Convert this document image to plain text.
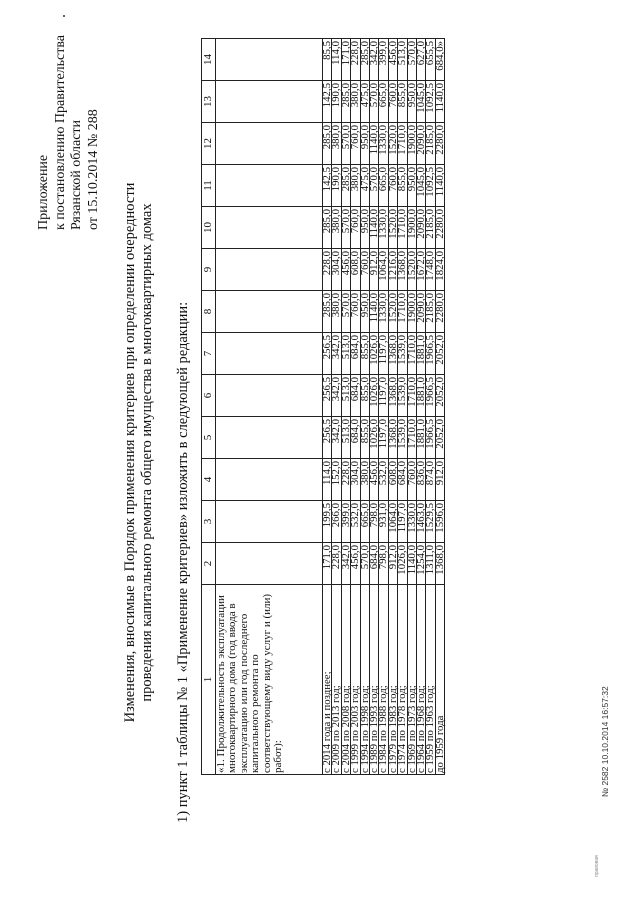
Приложение к постановлению Правительства Рязанской области от 15.10.2014 № 288
Изменения, вносимые в Порядок применения критериев при определении очередности проведения капитального ремонта общего имущества в многоквартирных домах 1) пункт 1 таблицы № 1 «Применение критериев» изложить в следующей редакции: 1	2	3	4	5	6	7	8	9	10	11	12	13	14
«1. Продолжительность эксплуатации многоквартирного дома (год ввода в эксплуатацию или год последнего капитального ремонта по соответствующему виду услуг и (или) работ):													
с 2014 года и позднее;	171,0	199,5	114,0	256,5	256,5	256,5	285,0	228,0	285,0	142,5	285,0	142,5	85,5
с 2009 по 2013 год;	228,0	266,0	152,0	342,0	342,0	342,0	380,0	304,0	380,0	190,0	380,0	190,0	114,0
с 2004 по 2008 год;	342,0	399,0	228,0	513,0	513,0	513,0	570,0	456,0	570,0	285,0	570,0	285,0	171,0
с 1999 по 2003 год;	456,0	532,0	304,0	684,0	684,0	684,0	760,0	608,0	760,0	380,0	760,0	380,0	228,0
с 1994 по 1998 год;	570,0	665,0	380,0	855,0	855,0	855,0	950,0	760,0	950,0	475,0	950,0	475,0	285,0
с 1989 по 1993 год;	684,0	798,0	456,0	1026,0	1026,0	1026,0	1140,0	912,0	1140,0	570,0	1140,0	570,0	342,0
с 1984 по 1988 год;	798,0	931,0	532,0	1197,0	1197,0	1197,0	1330,0	1064,0	1330,0	665,0	1330,0	665,0	399,0
с 1979 по 1983 год;	912,0	1064,0	608,0	1368,0	1368,0	1368,0	1520,0	1216,0	1520,0	760,0	1520,0	760,0	456,0
с 1974 по 1978 год;	1026,0	1197,0	684,0	1539,0	1539,0	1539,0	1710,0	1368,0	1710,0	855,0	1710,0	855,0	513,0
с 1969 по 1973 год;	1140,0	1330,0	760,0	1710,0	1710,0	1710,0	1900,0	1520,0	1900,0	950,0	1900,0	950,0	570,0
с 1964 по 1968 год;	1254,0	1463,0	836,0	1881,0	1881,0	1881,0	2090,0	1672,0	2090,0	1045,0	2090,0	1045,0	627,0
с 1959 по 1963 год;	1311,0	1529,5	874,0	1966,5	1966,5	1966,5	2185,0	1748,0	2185,0	1092,5	2185,0	1092,5	655,5
до 1959 года	1368,0	1596,0	912,0	2052,0	2052,0	2052,0	2280,0	1824,0	2280,0	1140,0	2280,0	1140,0	684,0»
правовая
№ 2582 10.10.2014 16:57:32
